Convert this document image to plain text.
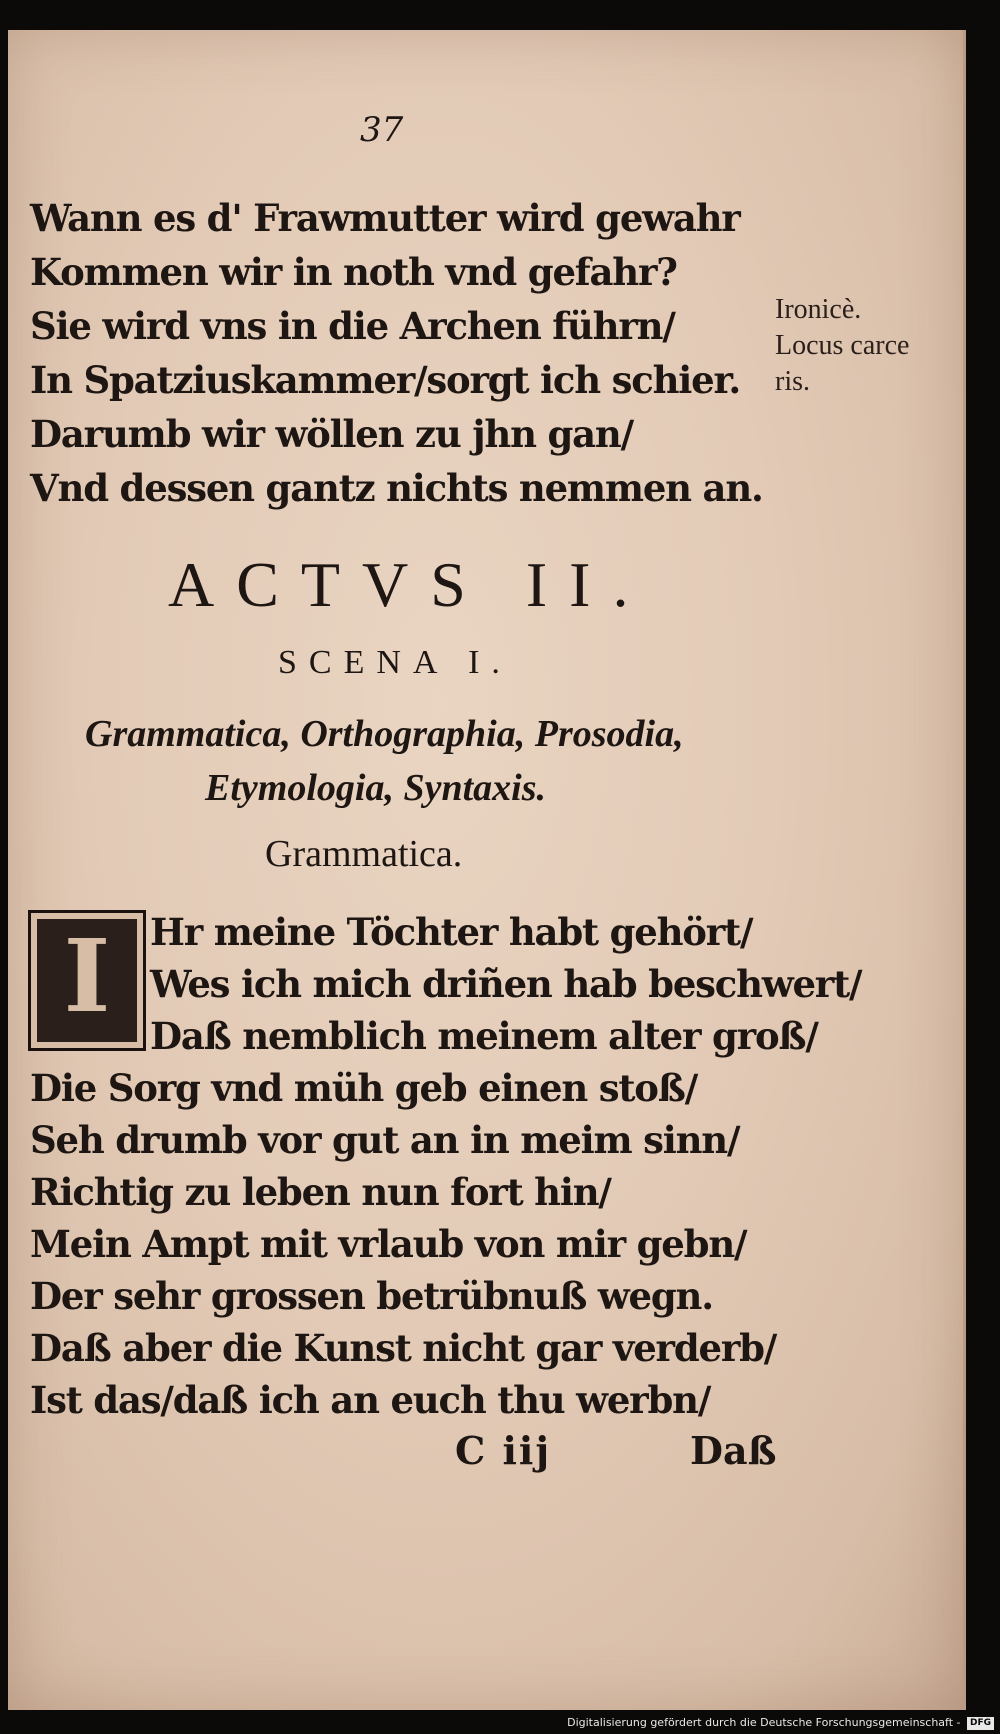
37
Wann es d' Frawmutter wird gewahr
Kommen wir in noth vnd gefahr?
Sie wird vns in die Archen führn/
In Spatziuskammer/sorgt ich schier.
Darumb wir wöllen zu jhn gan/
Vnd dessen gantz nichts nemmen an.
Ironicè.
Locus carce
ris.
ACTVS II.
SCENA I.
Grammatica, Orthographia, Prosodia,
Etymologia, Syntaxis.
Grammatica.
I	Hr meine Töchter habt gehört/
Wes ich mich driñen hab beschwert/
Daß nemblich meinem alter groß/
Die Sorg vnd müh geb einen stoß/
Seh drumb vor gut an in meim sinn/
Richtig zu leben nun fort hin/
Mein Ampt mit vrlaub von mir gebn/
Der sehr grossen betrübnuß wegn.
Daß aber die Kunst nicht gar verderb/
Ist das/daß ich an euch thu werbn/
C iij	Daß
Digitalisierung gefördert durch die Deutsche Forschungsgemeinschaft - DFG
